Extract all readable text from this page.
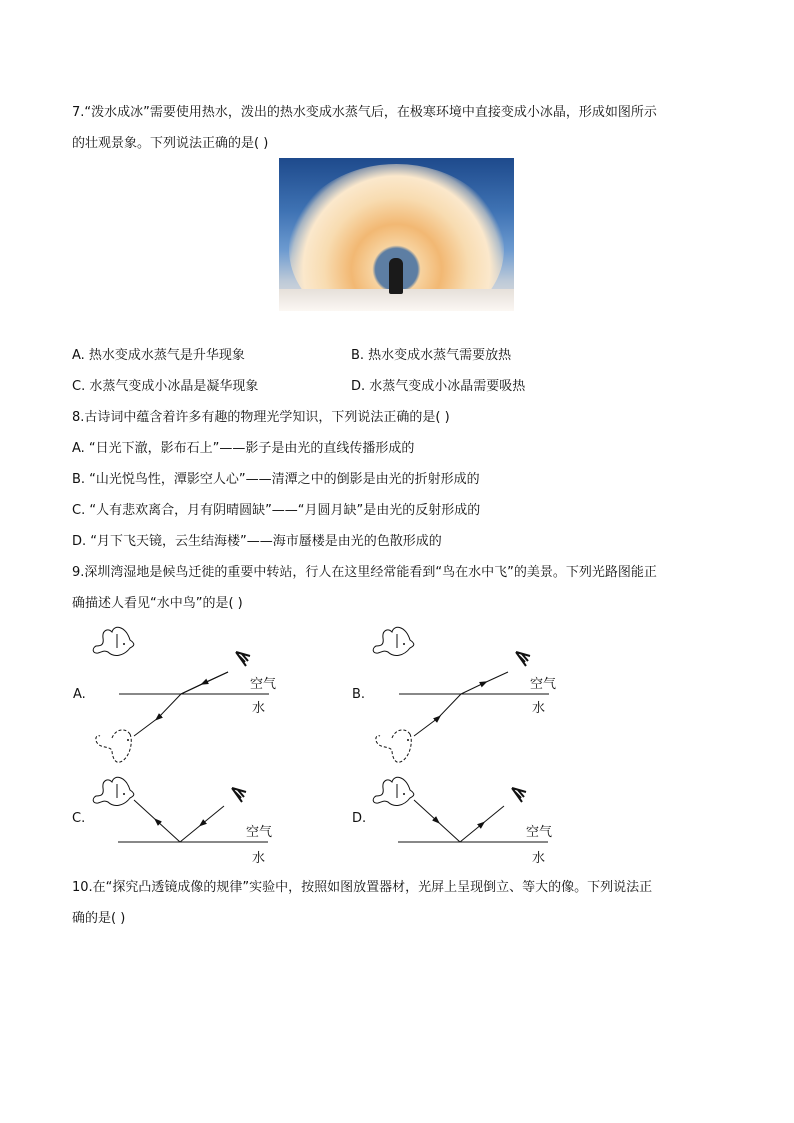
7.“泼水成冰”需要使用热水，泼出的热水变成水蒸气后，在极寒环境中直接变成小冰晶，形成如图所示
的壮观景象。下列说法正确的是( )
A. 热水变成水蒸气是升华现象	B. 热水变成水蒸气需要放热
C. 水蒸气变成小冰晶是凝华现象	D. 水蒸气变成小冰晶需要吸热
8.古诗词中蕴含着许多有趣的物理光学知识，下列说法正确的是( )
A. “日光下澈，影布石上”——影子是由光的直线传播形成的
B. “山光悦鸟性，潭影空人心”——清潭之中的倒影是由光的折射形成的
C. “人有悲欢离合，月有阴晴圆缺”——“月圆月缺”是由光的反射形成的
D. “月下飞天镜，云生结海楼”——海市蜃楼是由光的色散形成的
9.深圳湾湿地是候鸟迁徙的重要中转站，行人在这里经常能看到“鸟在水中飞”的美景。下列光路图能正
确描述人看见“水中鸟”的是( )
A.
空气
水
B.
空气
水
C.
空气
水
D.
空气
水
10.在“探究凸透镜成像的规律”实验中，按照如图放置器材，光屏上呈现倒立、等大的像。下列说法正
确的是( )
